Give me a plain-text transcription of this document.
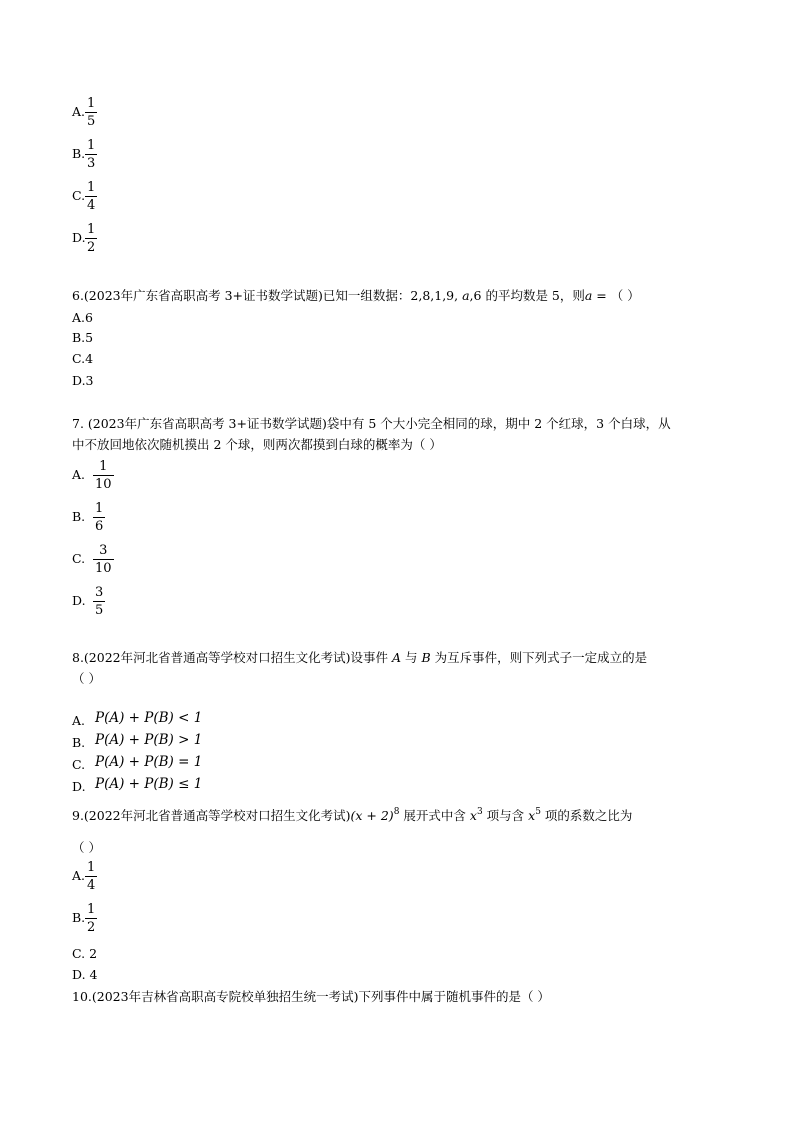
A.
1
5
B.
1
3
C.
1
4
D.
1
2
6.(2023年广东省高职高考 3+证书数学试题)已知一组数据：2,8,1,9, a,6 的平均数是 5，则a = （ ）
A.6
B.5
C.4
D.3
7. (2023年广东省高职高考 3+证书数学试题)袋中有 5 个大小完全相同的球，期中 2 个红球，3 个白球，从
中不放回地依次随机摸出 2 个球，则两次都摸到白球的概率为（ ）
A.
1
10
B.
1
6
C.
3
10
D.
3
5
8.(2022年河北省普通高等学校对口招生文化考试)设事件 A 与 B 为互斥事件，则下列式子一定成立的是
（ ）
A. P(A) + P(B) < 1
B. P(A) + P(B) > 1
C. P(A) + P(B) = 1
D. P(A) + P(B) ≤ 1
9.(2022年河北省普通高等学校对口招生文化考试)$(x + 2)^8$ 展开式中含 $x^3$ 项与含 $x^5$ 项的系数之比为
（ ）
A.
1
4
B.
1
2
C. 2
D. 4
10.(2023年吉林省高职高专院校单独招生统一考试)下列事件中属于随机事件的是（ ）
